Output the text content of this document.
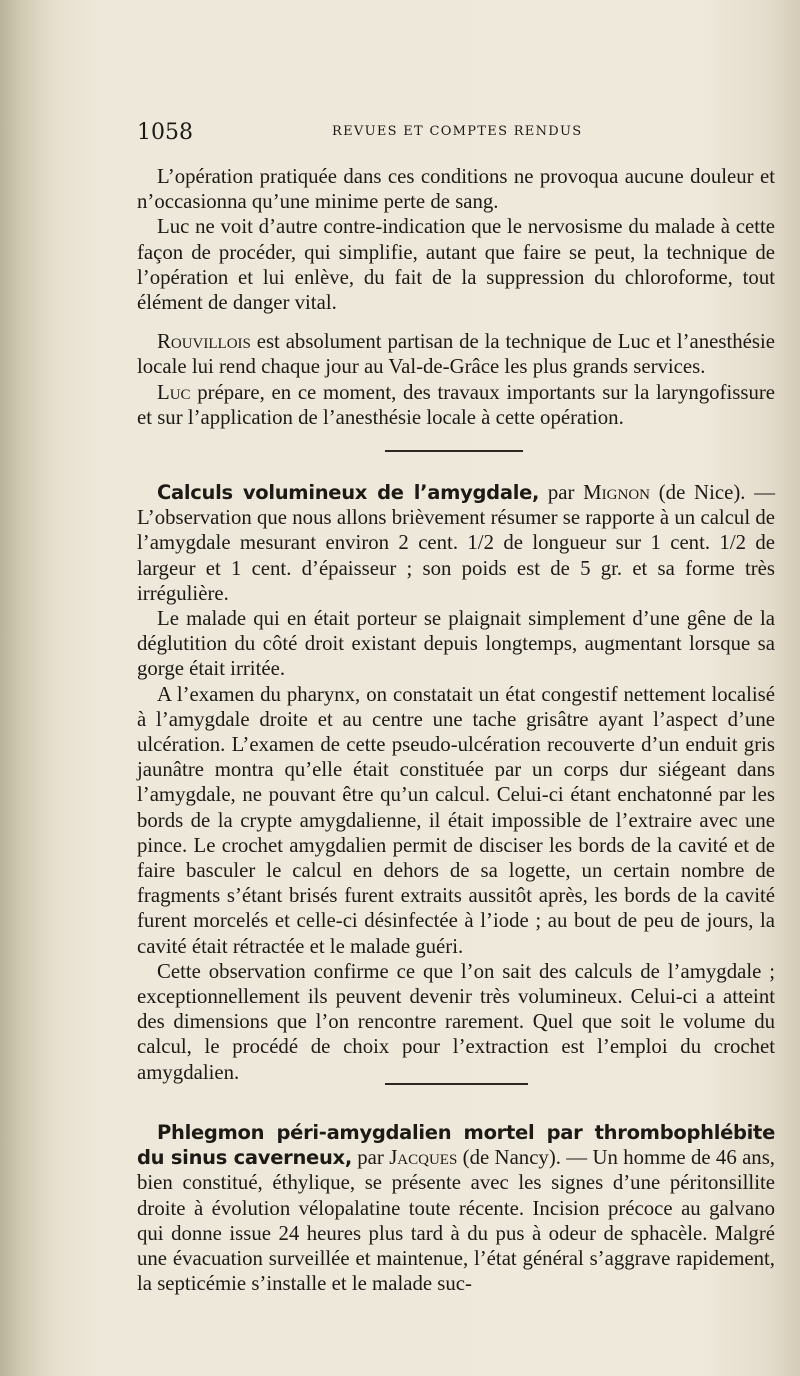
1058	REVUES ET COMPTES RENDUS

L’opération pratiquée dans ces conditions ne provoqua aucune douleur et n’occasionna qu’une minime perte de sang.

Luc ne voit d’autre contre-indication que le nervosisme du malade à cette façon de procéder, qui simplifie, autant que faire se peut, la technique de l’opération et lui enlève, du fait de la suppression du chloroforme, tout élément de danger vital.

Rouvillois est absolument partisan de la technique de Luc et l’anesthésie locale lui rend chaque jour au Val-de-Grâce les plus grands services.

Luc prépare, en ce moment, des travaux importants sur la laryngofissure et sur l’application de l’anesthésie locale à cette opération.

Calculs volumineux de l’amygdale, par Mignon (de Nice). — L’observation que nous allons brièvement résumer se rapporte à un calcul de l’amygdale mesurant environ 2 cent. 1/2 de longueur sur 1 cent. 1/2 de largeur et 1 cent. d’épaisseur ; son poids est de 5 gr. et sa forme très irrégulière.

Le malade qui en était porteur se plaignait simplement d’une gêne de la déglutition du côté droit existant depuis longtemps, augmentant lorsque sa gorge était irritée.

A l’examen du pharynx, on constatait un état congestif nettement localisé à l’amygdale droite et au centre une tache grisâtre ayant l’aspect d’une ulcération. L’examen de cette pseudo-ulcération recouverte d’un enduit gris jaunâtre montra qu’elle était constituée par un corps dur siégeant dans l’amygdale, ne pouvant être qu’un calcul. Celui-ci étant enchatonné par les bords de la crypte amygdalienne, il était impossible de l’extraire avec une pince. Le crochet amygdalien permit de disciser les bords de la cavité et de faire basculer le calcul en dehors de sa logette, un certain nombre de fragments s’étant brisés furent extraits aussitôt après, les bords de la cavité furent morcelés et celle-ci désinfectée à l’iode ; au bout de peu de jours, la cavité était rétractée et le malade guéri.

Cette observation confirme ce que l’on sait des calculs de l’amygdale ; exceptionnellement ils peuvent devenir très volumineux. Celui-ci a atteint des dimensions que l’on rencontre rarement. Quel que soit le volume du calcul, le procédé de choix pour l’extraction est l’emploi du crochet amygdalien.

Phlegmon péri-amygdalien mortel par thrombophlébite du sinus caverneux, par Jacques (de Nancy). — Un homme de 46 ans, bien constitué, éthylique, se présente avec les signes d’une péritonsillite droite à évolution vélopalatine toute récente. Incision précoce au galvano qui donne issue 24 heures plus tard à du pus à odeur de sphacèle. Malgré une évacuation surveillée et maintenue, l’état général s’aggrave rapidement, la septicémie s’installe et le malade suc-
